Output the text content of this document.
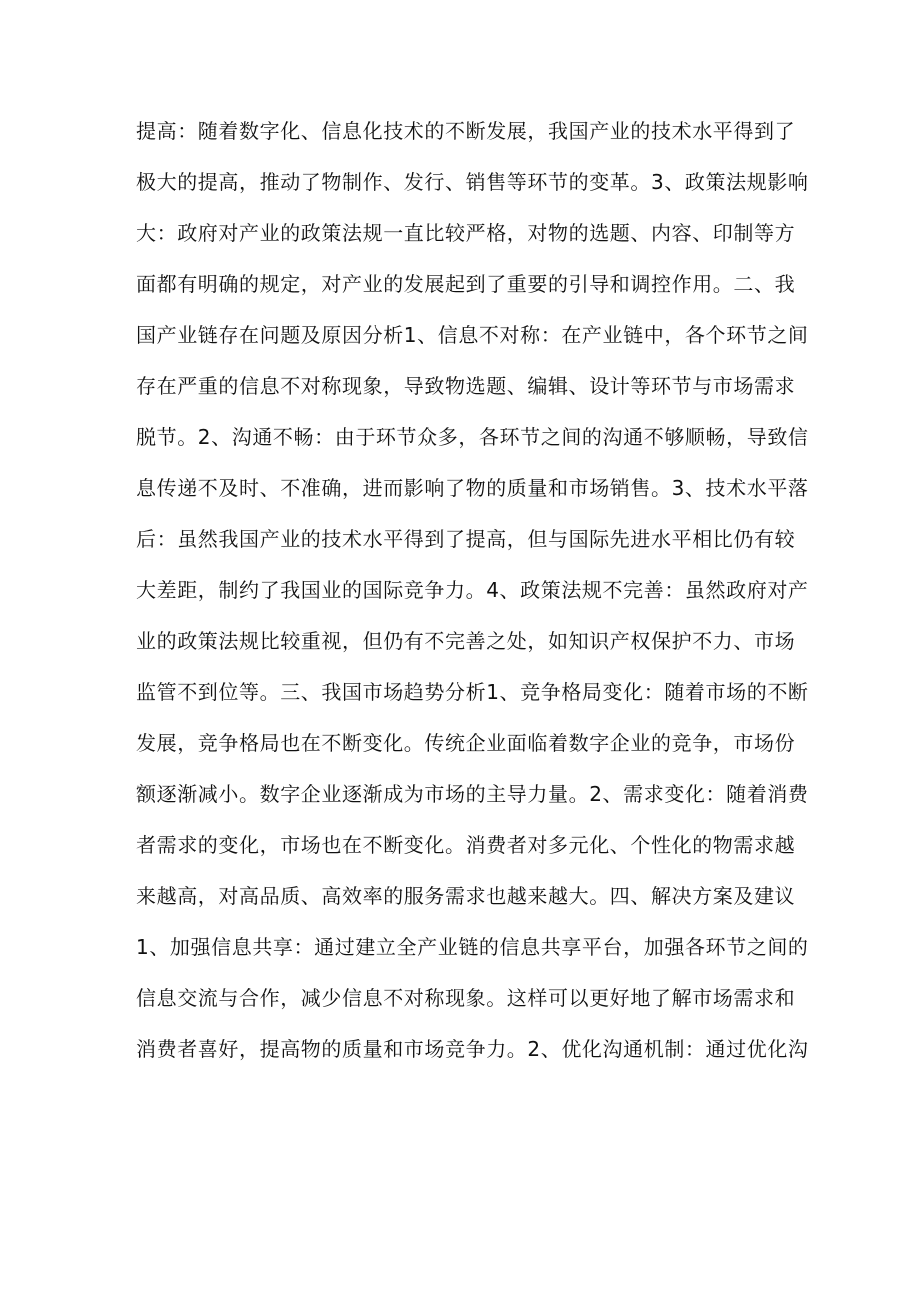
提高：随着数字化、信息化技术的不断发展，我国产业的技术水平得到了
极大的提高，推动了物制作、发行、销售等环节的变革。3、政策法规影响
大：政府对产业的政策法规一直比较严格，对物的选题、内容、印制等方
面都有明确的规定，对产业的发展起到了重要的引导和调控作用。二、我
国产业链存在问题及原因分析1、信息不对称：在产业链中，各个环节之间
存在严重的信息不对称现象，导致物选题、编辑、设计等环节与市场需求
脱节。2、沟通不畅：由于环节众多，各环节之间的沟通不够顺畅，导致信
息传递不及时、不准确，进而影响了物的质量和市场销售。3、技术水平落
后：虽然我国产业的技术水平得到了提高，但与国际先进水平相比仍有较
大差距，制约了我国业的国际竞争力。4、政策法规不完善：虽然政府对产
业的政策法规比较重视，但仍有不完善之处，如知识产权保护不力、市场
监管不到位等。三、我国市场趋势分析1、竞争格局变化：随着市场的不断
发展，竞争格局也在不断变化。传统企业面临着数字企业的竞争，市场份
额逐渐减小。数字企业逐渐成为市场的主导力量。2、需求变化：随着消费
者需求的变化，市场也在不断变化。消费者对多元化、个性化的物需求越
来越高，对高品质、高效率的服务需求也越来越大。四、解决方案及建议
1、加强信息共享：通过建立全产业链的信息共享平台，加强各环节之间的
信息交流与合作，减少信息不对称现象。这样可以更好地了解市场需求和
消费者喜好，提高物的质量和市场竞争力。2、优化沟通机制：通过优化沟
